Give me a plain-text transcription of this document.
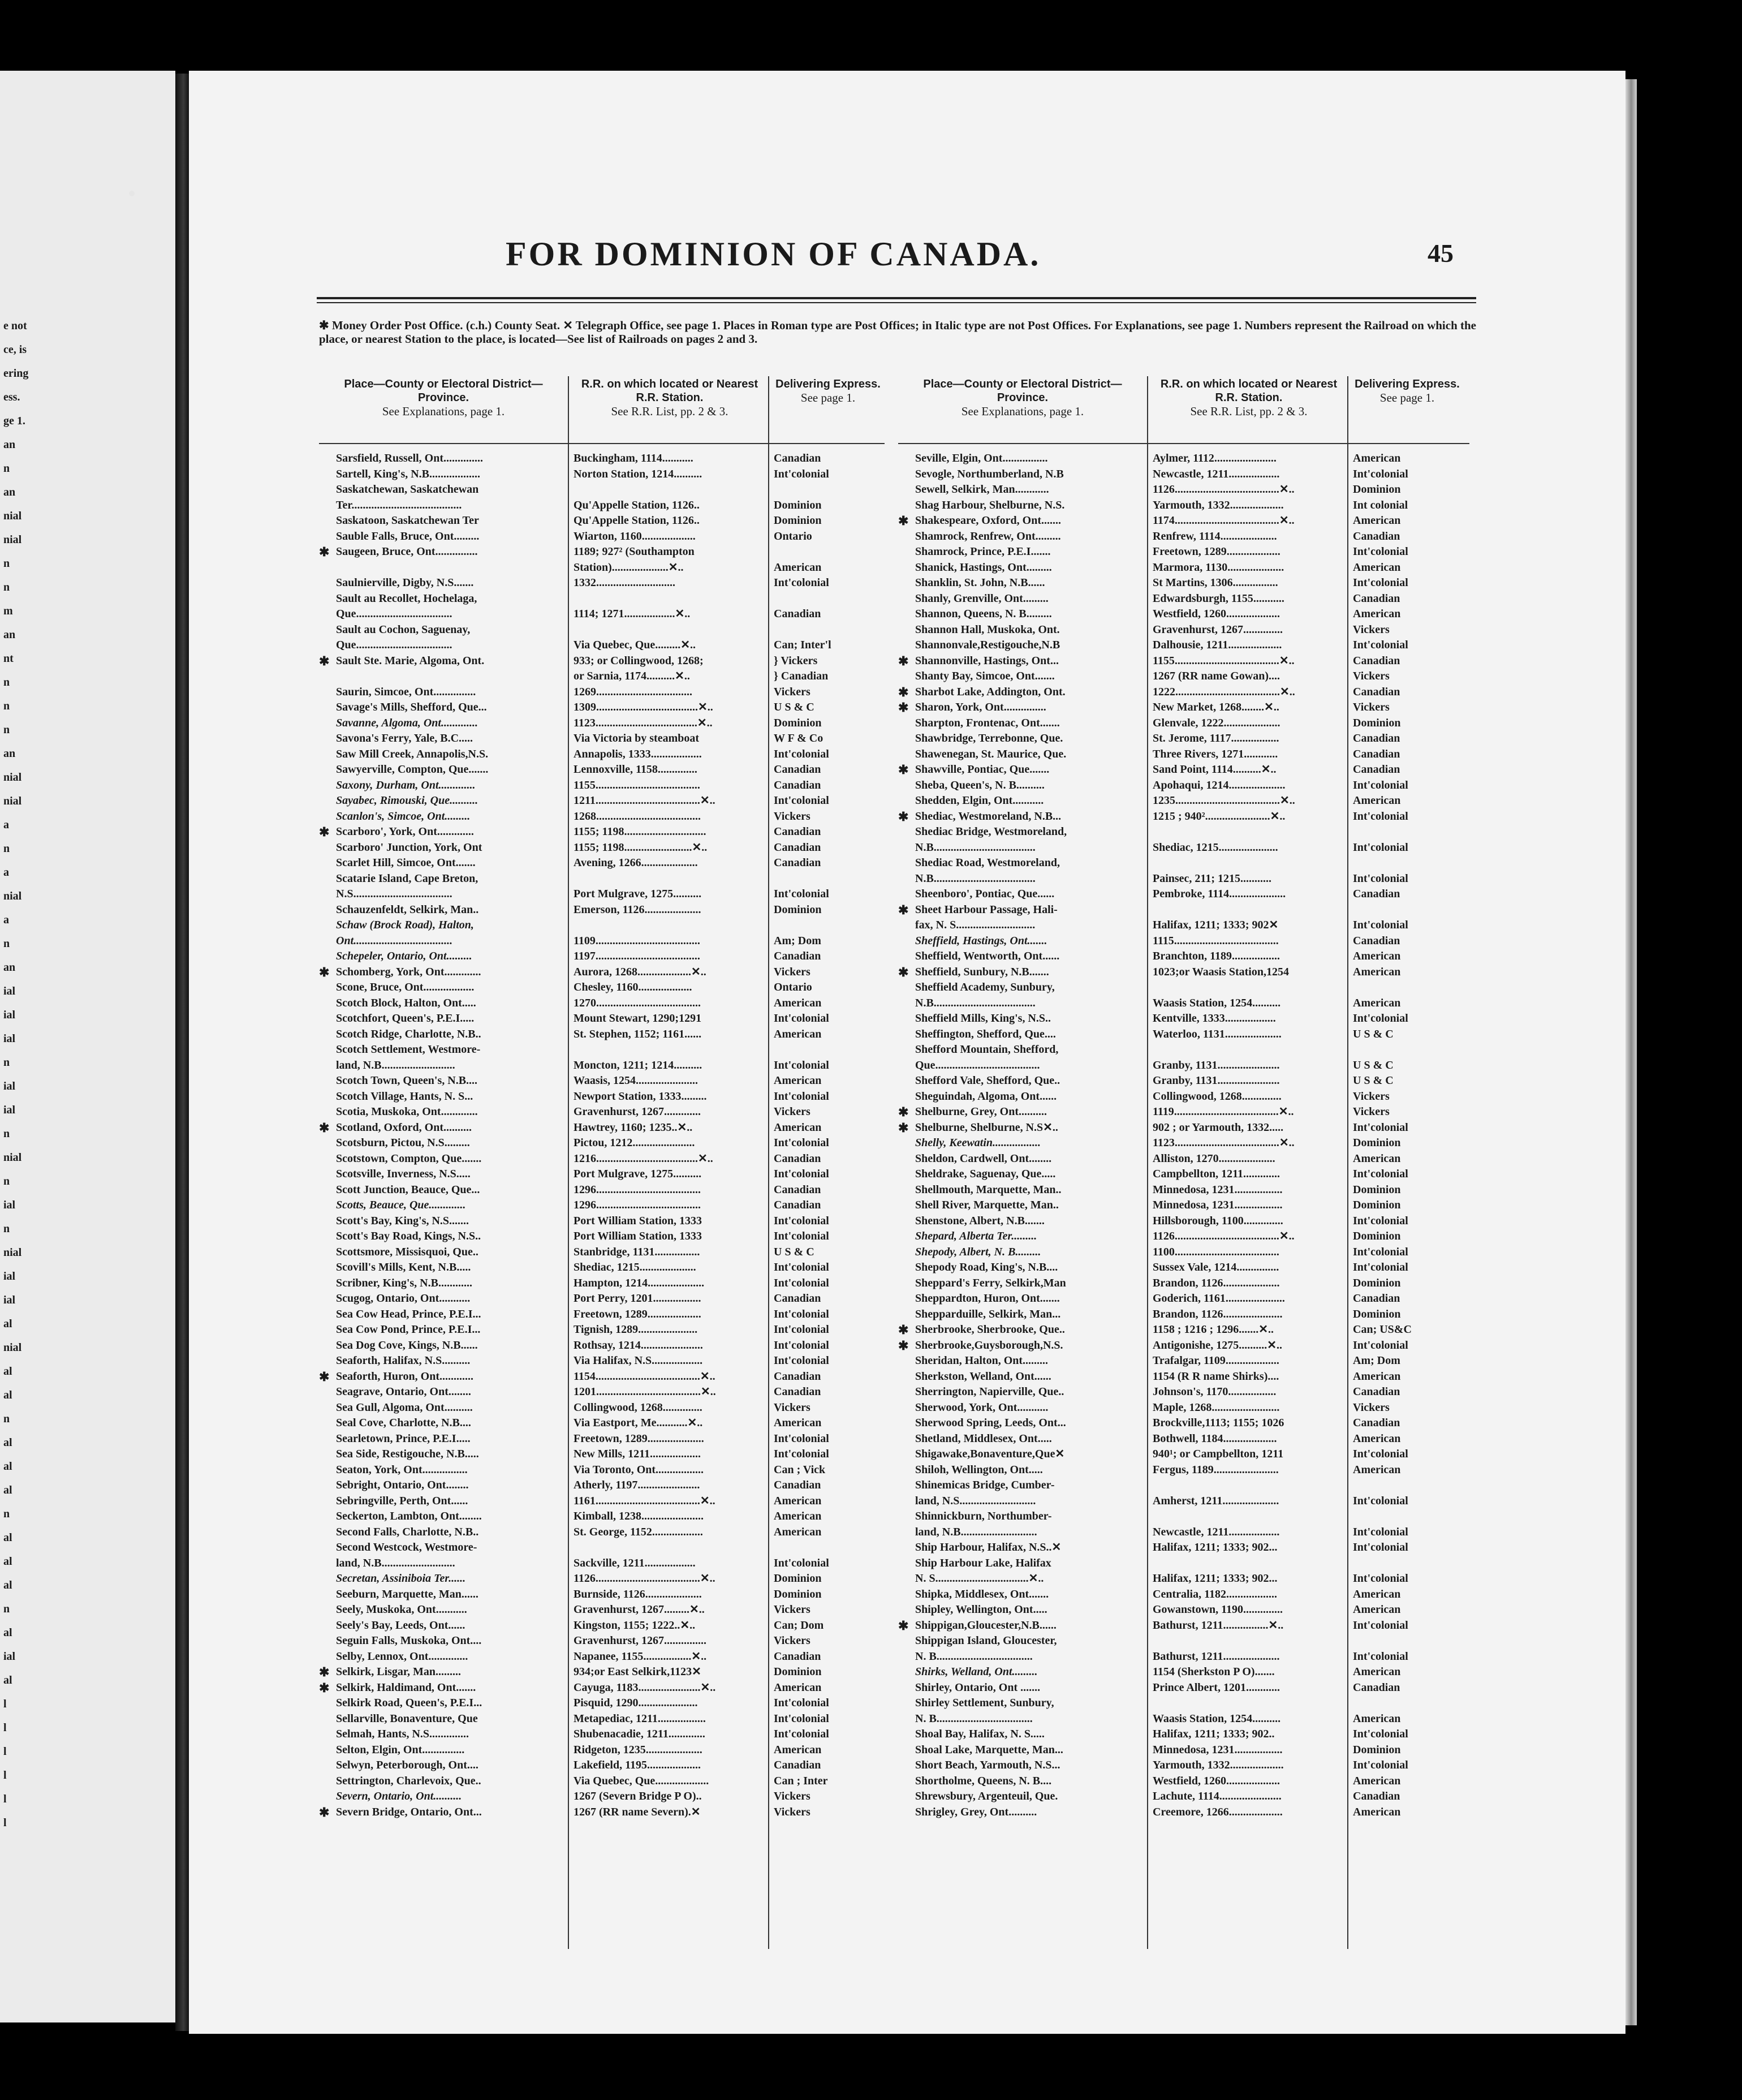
e not
ce, is
ering
ess.
ge 1.
an
n
an
nial
nial
n
n
m
an
nt
n
n
n
an
nial
nial
a
n
a
nial
a
n
an
ial
ial
ial
n
ial
ial
n
nial
n
ial
n
nial
ial
ial
al
nial
al
al
n
al
al
al
n
al
al
al
n
al
ial
al
l
l
l
l
l
l
FOR DOMINION OF CANADA.	45
✱ Money Order Post Office. (c.h.) County Seat. ✕ Telegraph Office, see page 1. Places in Roman type are Post Offices; in Italic type are not Post Offices. For Explanations, see page 1. Numbers represent the Railroad on which the place, or nearest Station to the place, is located—See list of Railroads on pages 2 and 3.
Place—County or Electoral District—Province.
See Explanations, page 1.
R.R. on which located or Nearest R.R. Station.
See R.R. List, pp. 2 & 3.
Delivering Express.
See page 1.
Sarsfield, Russell, Ont..............	Buckingham, 1114...........	Canadian
Sartell, King's, N.B..................	Norton Station, 1214..........	Int'colonial
Saskatchewan, Saskatchewan
Ter.......................................	Qu'Appelle Station, 1126..	Dominion
Saskatoon, Saskatchewan Ter	Qu'Appelle Station, 1126..	Dominion
Sauble Falls, Bruce, Ont.........	Wiarton, 1160...................	Ontario
✱ Saugeen, Bruce, Ont...............	1189; 927² (Southampton
Station)....................✕..	American
Saulnierville, Digby, N.S.......	1332............................	Int'colonial
Sault au Recollet, Hochelaga,
Que..................................	1114; 1271..................✕..	Canadian
Sault au Cochon, Saguenay,
Que..................................	Via Quebec, Que.........✕..	Can; Inter'l
✱ Sault Ste. Marie, Algoma, Ont.	933; or Collingwood, 1268;	} Vickers
or Sarnia, 1174..........✕..	} Canadian
Saurin, Simcoe, Ont...............	1269..................................	Vickers
Savage's Mills, Shefford, Que...	1309....................................✕..	U S & C
Savanne, Algoma, Ont.............	1123....................................✕..	Dominion
Savona's Ferry, Yale, B.C.....	Via Victoria by steamboat	W F & Co
Saw Mill Creek, Annapolis,N.S.	Annapolis, 1333..................	Int'colonial
Sawyerville, Compton, Que.......	Lennoxville, 1158..............	Canadian
Saxony, Durham, Ont.............	1155.....................................	Canadian
Sayabec, Rimouski, Que..........	1211.....................................✕..	Int'colonial
Scanlon's, Simcoe, Ont.........	1268.....................................	Vickers
✱ Scarboro', York, Ont.............	1155; 1198.............................	Canadian
Scarboro' Junction, York, Ont	1155; 1198........................✕..	Canadian
Scarlet Hill, Simcoe, Ont.......	Avening, 1266....................	Canadian
Scatarie Island, Cape Breton,
N.S...................................	Port Mulgrave, 1275..........	Int'colonial
Schauzenfeldt, Selkirk, Man..	Emerson, 1126....................	Dominion
Schaw (Brock Road), Halton,
Ont...................................	1109.....................................	Am; Dom
Schepeler, Ontario, Ont.........	1197.....................................	Canadian
✱ Schomberg, York, Ont.............	Aurora, 1268...................✕..	Vickers
Scone, Bruce, Ont..................	Chesley, 1160...................	Ontario
Scotch Block, Halton, Ont.....	1270.....................................	American
Scotchfort, Queen's, P.E.I.....	Mount Stewart, 1290;1291	Int'colonial
Scotch Ridge, Charlotte, N.B..	St. Stephen, 1152; 1161......	American
Scotch Settlement, Westmore-
land, N.B..........................	Moncton, 1211; 1214..........	Int'colonial
Scotch Town, Queen's, N.B....	Waasis, 1254......................	American
Scotch Village, Hants, N. S...	Newport Station, 1333.........	Int'colonial
Scotia, Muskoka, Ont.............	Gravenhurst, 1267.............	Vickers
✱ Scotland, Oxford, Ont..........	Hawtrey, 1160; 1235..✕..	American
Scotsburn, Pictou, N.S.........	Pictou, 1212......................	Int'colonial
Scotstown, Compton, Que.......	1216....................................✕..	Canadian
Scotsville, Inverness, N.S.....	Port Mulgrave, 1275..........	Int'colonial
Scott Junction, Beauce, Que...	1296.....................................	Canadian
Scotts, Beauce, Que.............	1296.....................................	Canadian
Scott's Bay, King's, N.S.......	Port William Station, 1333	Int'colonial
Scott's Bay Road, Kings, N.S..	Port William Station, 1333	Int'colonial
Scottsmore, Missisquoi, Que..	Stanbridge, 1131................	U S & C
Scovill's Mills, Kent, N.B.....	Shediac, 1215....................	Int'colonial
Scribner, King's, N.B............	Hampton, 1214....................	Int'colonial
Scugog, Ontario, Ont...........	Port Perry, 1201.................	Canadian
Sea Cow Head, Prince, P.E.I...	Freetown, 1289...................	Int'colonial
Sea Cow Pond, Prince, P.E.I...	Tignish, 1289.....................	Int'colonial
Sea Dog Cove, Kings, N.B......	Rothsay, 1214......................	Int'colonial
Seaforth, Halifax, N.S..........	Via Halifax, N.S..................	Int'colonial
✱ Seaforth, Huron, Ont............	1154.....................................✕..	Canadian
Seagrave, Ontario, Ont........	1201.....................................✕..	Canadian
Sea Gull, Algoma, Ont..........	Collingwood, 1268..............	Vickers
Seal Cove, Charlotte, N.B....	Via Eastport, Me...........✕..	American
Searletown, Prince, P.E.I.....	Freetown, 1289....................	Int'colonial
Sea Side, Restigouche, N.B.....	New Mills, 1211..................	Int'colonial
Seaton, York, Ont................	Via Toronto, Ont.................	Can ; Vick
Sebright, Ontario, Ont........	Atherly, 1197......................	Canadian
Sebringville, Perth, Ont......	1161.....................................✕..	American
Seckerton, Lambton, Ont........	Kimball, 1238......................	American
Second Falls, Charlotte, N.B..	St. George, 1152..................	American
Second Westcock, Westmore-
land, N.B..........................	Sackville, 1211..................	Int'colonial
Secretan, Assiniboia Ter......	1126.....................................✕..	Dominion
Seeburn, Marquette, Man......	Burnside, 1126....................	Dominion
Seely, Muskoka, Ont...........	Gravenhurst, 1267.........✕..	Vickers
Seely's Bay, Leeds, Ont......	Kingston, 1155; 1222..✕..	Can; Dom
Seguin Falls, Muskoka, Ont....	Gravenhurst, 1267...............	Vickers
Selby, Lennox, Ont..............	Napanee, 1155.................✕..	Canadian
✱ Selkirk, Lisgar, Man.........	934;or East Selkirk,1123✕	Dominion
✱ Selkirk, Haldimand, Ont.......	Cayuga, 1183......................✕..	American
Selkirk Road, Queen's, P.E.I...	Pisquid, 1290.....................	Int'colonial
Sellarville, Bonaventure, Que	Metapediac, 1211.................	Int'colonial
Selmah, Hants, N.S..............	Shubenacadie, 1211.............	Int'colonial
Selton, Elgin, Ont...............	Ridgeton, 1235....................	American
Selwyn, Peterborough, Ont....	Lakefield, 1195...................	Canadian
Settrington, Charlevoix, Que..	Via Quebec, Que...................	Can ; Inter
Severn, Ontario, Ont..........	1267 (Severn Bridge P O)..	Vickers
✱ Severn Bridge, Ontario, Ont...	1267 (RR name Severn).✕	Vickers
Place—County or Electoral District—Province.
See Explanations, page 1.
R.R. on which located or Nearest R.R. Station.
See R.R. List, pp. 2 & 3.
Delivering Express.
See page 1.
Seville, Elgin, Ont................	Aylmer, 1112......................	American
Sevogle, Northumberland, N.B	Newcastle, 1211..................	Int'colonial
Sewell, Selkirk, Man............	1126.....................................✕..	Dominion
Shag Harbour, Shelburne, N.S.	Yarmouth, 1332...................	Int colonial
✱ Shakespeare, Oxford, Ont.......	1174.....................................✕..	American
Shamrock, Renfrew, Ont.........	Renfrew, 1114....................	Canadian
Shamrock, Prince, P.E.I.......	Freetown, 1289...................	Int'colonial
Shanick, Hastings, Ont.........	Marmora, 1130....................	American
Shanklin, St. John, N.B......	St Martins, 1306................	Int'colonial
Shanly, Grenville, Ont.........	Edwardsburgh, 1155...........	Canadian
Shannon, Queens, N. B.........	Westfield, 1260...................	American
Shannon Hall, Muskoka, Ont.	Gravenhurst, 1267..............	Vickers
Shannonvale,Restigouche,N.B	Dalhousie, 1211...................	Int'colonial
✱ Shannonville, Hastings, Ont...	1155.....................................✕..	Canadian
Shanty Bay, Simcoe, Ont.......	1267 (RR name Gowan)....	Vickers
✱ Sharbot Lake, Addington, Ont.	1222.....................................✕..	Canadian
✱ Sharon, York, Ont...............	New Market, 1268........✕..	Vickers
Sharpton, Frontenac, Ont.......	Glenvale, 1222....................	Dominion
Shawbridge, Terrebonne, Que.	St. Jerome, 1117.................	Canadian
Shawenegan, St. Maurice, Que.	Three Rivers, 1271............	Canadian
✱ Shawville, Pontiac, Que.......	Sand Point, 1114..........✕..	Canadian
Sheba, Queen's, N. B..........	Apohaqui, 1214....................	Int'colonial
Shedden, Elgin, Ont...........	1235.....................................✕..	American
✱ Shediac, Westmoreland, N.B...	1215 ; 940².......................✕..	Int'colonial
Shediac Bridge, Westmoreland,
N.B....................................	Shediac, 1215.....................	Int'colonial
Shediac Road, Westmoreland,
N.B....................................	Painsec, 211; 1215...........	Int'colonial
Sheenboro', Pontiac, Que......	Pembroke, 1114....................	Canadian
✱ Sheet Harbour Passage, Hali-
fax, N. S............................	Halifax, 1211; 1333; 902✕	Int'colonial
Sheffield, Hastings, Ont.......	1115.....................................	Canadian
Sheffield, Wentworth, Ont......	Branchton, 1189.................	American
✱ Sheffield, Sunbury, N.B.......	1023;or Waasis Station,1254	American
Sheffield Academy, Sunbury,
N.B....................................	Waasis Station, 1254..........	American
Sheffield Mills, King's, N.S..	Kentville, 1333..................	Int'colonial
Sheffington, Shefford, Que....	Waterloo, 1131....................	U S & C
Shefford Mountain, Shefford,
Que.....................................	Granby, 1131......................	U S & C
Shefford Vale, Shefford, Que..	Granby, 1131......................	U S & C
Sheguindah, Algoma, Ont......	Collingwood, 1268..............	Vickers
✱ Shelburne, Grey, Ont..........	1119.....................................✕..	Vickers
✱ Shelburne, Shelburne, N.S✕..	902 ; or Yarmouth, 1332.....	Int'colonial
Shelly, Keewatin.................	1123.....................................✕..	Dominion
Sheldon, Cardwell, Ont........	Alliston, 1270....................	American
Sheldrake, Saguenay, Que.....	Campbellton, 1211.............	Int'colonial
Shellmouth, Marquette, Man..	Minnedosa, 1231.................	Dominion
Shell River, Marquette, Man..	Minnedosa, 1231.................	Dominion
Shenstone, Albert, N.B.......	Hillsborough, 1100..............	Int'colonial
Shepard, Alberta Ter.........	1126.....................................✕..	Dominion
Shepody, Albert, N. B.........	1100.....................................	Int'colonial
Shepody Road, King's, N.B....	Sussex Vale, 1214...............	Int'colonial
Sheppard's Ferry, Selkirk,Man	Brandon, 1126....................	Dominion
Sheppardton, Huron, Ont.......	Goderich, 1161.....................	Canadian
Shepparduille, Selkirk, Man...	Brandon, 1126.....................	Dominion
✱ Sherbrooke, Sherbrooke, Que..	1158 ; 1216 ; 1296.......✕..	Can; US&C
✱ Sherbrooke,Guysborough,N.S.	Antigonishe, 1275..........✕..	Int'colonial
Sheridan, Halton, Ont.........	Trafalgar, 1109...................	Am; Dom
Sherkston, Welland, Ont......	1154 (R R name Shirks)....	American
Sherrington, Napierville, Que..	Johnson's, 1170.................	Canadian
Sherwood, York, Ont...........	Maple, 1268........................	Vickers
Sherwood Spring, Leeds, Ont...	Brockville,1113; 1155; 1026	Canadian
Shetland, Middlesex, Ont.....	Bothwell, 1184...................	American
Shigawake,Bonaventure,Que✕	940¹; or Campbellton, 1211	Int'colonial
Shiloh, Wellington, Ont.....	Fergus, 1189.......................	American
Shinemicas Bridge, Cumber-
land, N.S...........................	Amherst, 1211....................	Int'colonial
Shinnickburn, Northumber-
land, N.B...........................	Newcastle, 1211..................	Int'colonial
Ship Harbour, Halifax, N.S..✕	Halifax, 1211; 1333; 902...	Int'colonial
Ship Harbour Lake, Halifax
N. S.................................✕..	Halifax, 1211; 1333; 902...	Int'colonial
Shipka, Middlesex, Ont.......	Centralia, 1182..................	American
Shipley, Wellington, Ont.....	Gowanstown, 1190..............	American
✱ Shippigan,Gloucester,N.B......	Bathurst, 1211................✕..	Int'colonial
Shippigan Island, Gloucester,
N. B..................................	Bathurst, 1211....................	Int'colonial
Shirks, Welland, Ont.........	1154 (Sherkston P O).......	American
Shirley, Ontario, Ont .......	Prince Albert, 1201............	Canadian
Shirley Settlement, Sunbury,
N. B..................................	Waasis Station, 1254..........	American
Shoal Bay, Halifax, N. S.....	Halifax, 1211; 1333; 902..	Int'colonial
Shoal Lake, Marquette, Man...	Minnedosa, 1231.................	Dominion
Short Beach, Yarmouth, N.S...	Yarmouth, 1332...................	Int'colonial
Shortholme, Queens, N. B....	Westfield, 1260...................	American
Shrewsbury, Argenteuil, Que.	Lachute, 1114......................	Canadian
Shrigley, Grey, Ont..........	Creemore, 1266...................	American
